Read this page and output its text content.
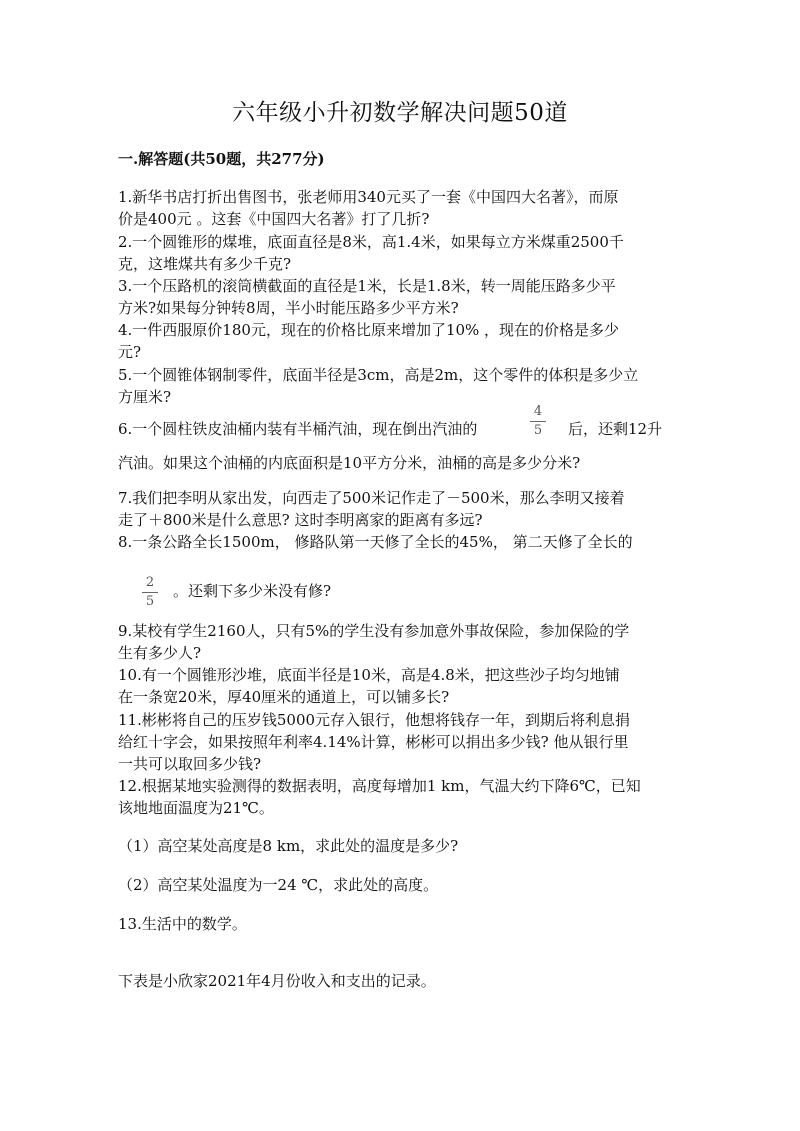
六年级小升初数学解决问题50道
一.解答题(共50题，共277分)
1.新华书店打折出售图书，张老师用340元买了一套《中国四大名著》，而原
价是400元 。这套《中国四大名著》打了几折?
2.一个圆锥形的煤堆，底面直径是8米，高1.4米，如果每立方米煤重2500千
克，这堆煤共有多少千克?
3.一个压路机的滚筒横截面的直径是1米，长是1.8米，转一周能压路多少平
方米?如果每分钟转8周，半小时能压路多少平方米?
4.一件西服原价180元，现在的价格比原来增加了10% ，现在的价格是多少
元?
5.一个圆锥体钢制零件，底面半径是3cm，高是2m，这个零件的体积是多少立
方厘米?
6.一个圆柱铁皮油桶内装有半桶汽油，现在倒出汽油的
4
5	后，还剩12升
汽油。如果这个油桶的内底面积是10平方分米，油桶的高是多少分米?
7.我们把李明从家出发，向西走了500米记作走了－500米，那么李明又接着
走了＋800米是什么意思? 这时李明离家的距离有多远?
8.一条公路全长1500m， 修路队第一天修了全长的45%， 第二天修了全长的
2
5
。还剩下多少米没有修?
9.某校有学生2160人，只有5%的学生没有参加意外事故保险，参加保险的学
生有多少人?
10.有一个圆锥形沙堆，底面半径是10米，高是4.8米，把这些沙子均匀地铺
在一条宽20米，厚40厘米的通道上，可以铺多长?
11.彬彬将自己的压岁钱5000元存入银行，他想将钱存一年，到期后将利息捐
给红十字会，如果按照年利率4.14%计算，彬彬可以捐出多少钱? 他从银行里
一共可以取回多少钱?
12.根据某地实验测得的数据表明，高度每增加1 km，气温大约下降6℃，已知
该地地面温度为21℃。
（1）高空某处高度是8 km，求此处的温度是多少?
（2）高空某处温度为一24 ℃，求此处的高度。
13.生活中的数学。
下表是小欣家2021年4月份收入和支出的记录。
